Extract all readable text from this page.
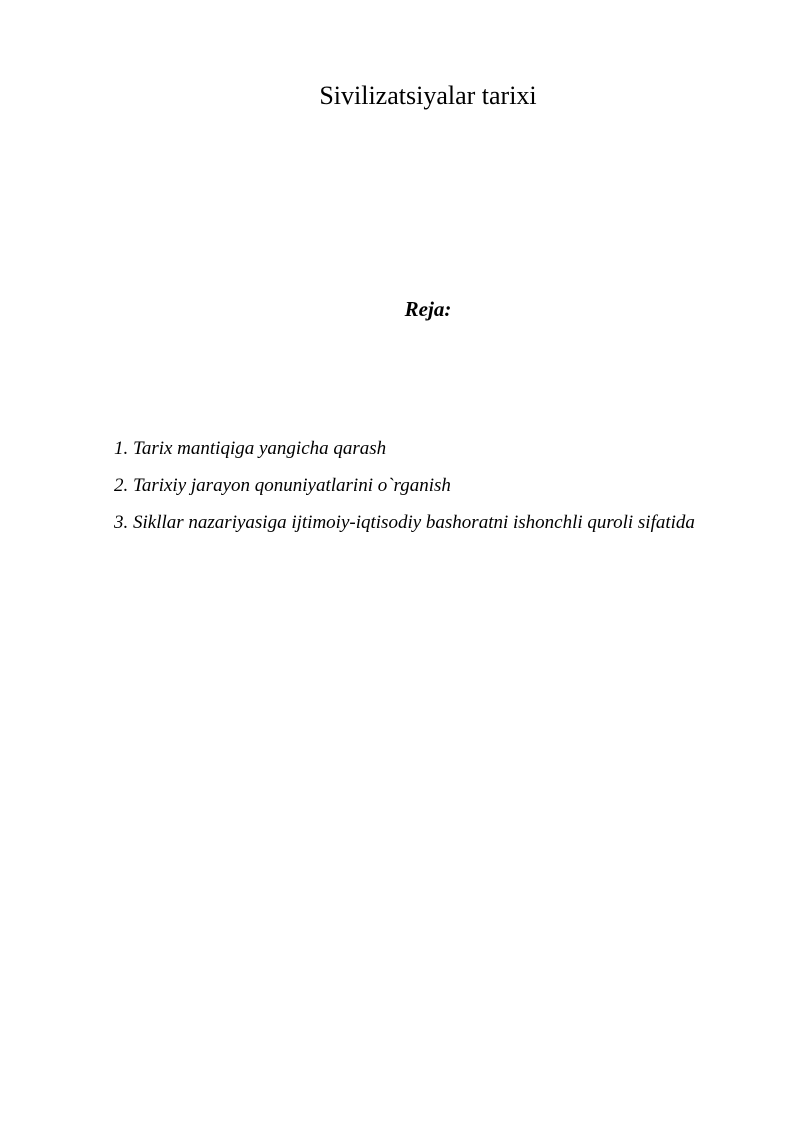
Sivilizatsiyalar tarixi
Reja:
1. Tarix mantiqiga yangicha qarash
2. Tarixiy jarayon qonuniyatlarini o`rganish
3. Sikllar nazariyasiga ijtimoiy-iqtisodiy bashoratni ishonchli quroli sifatida
